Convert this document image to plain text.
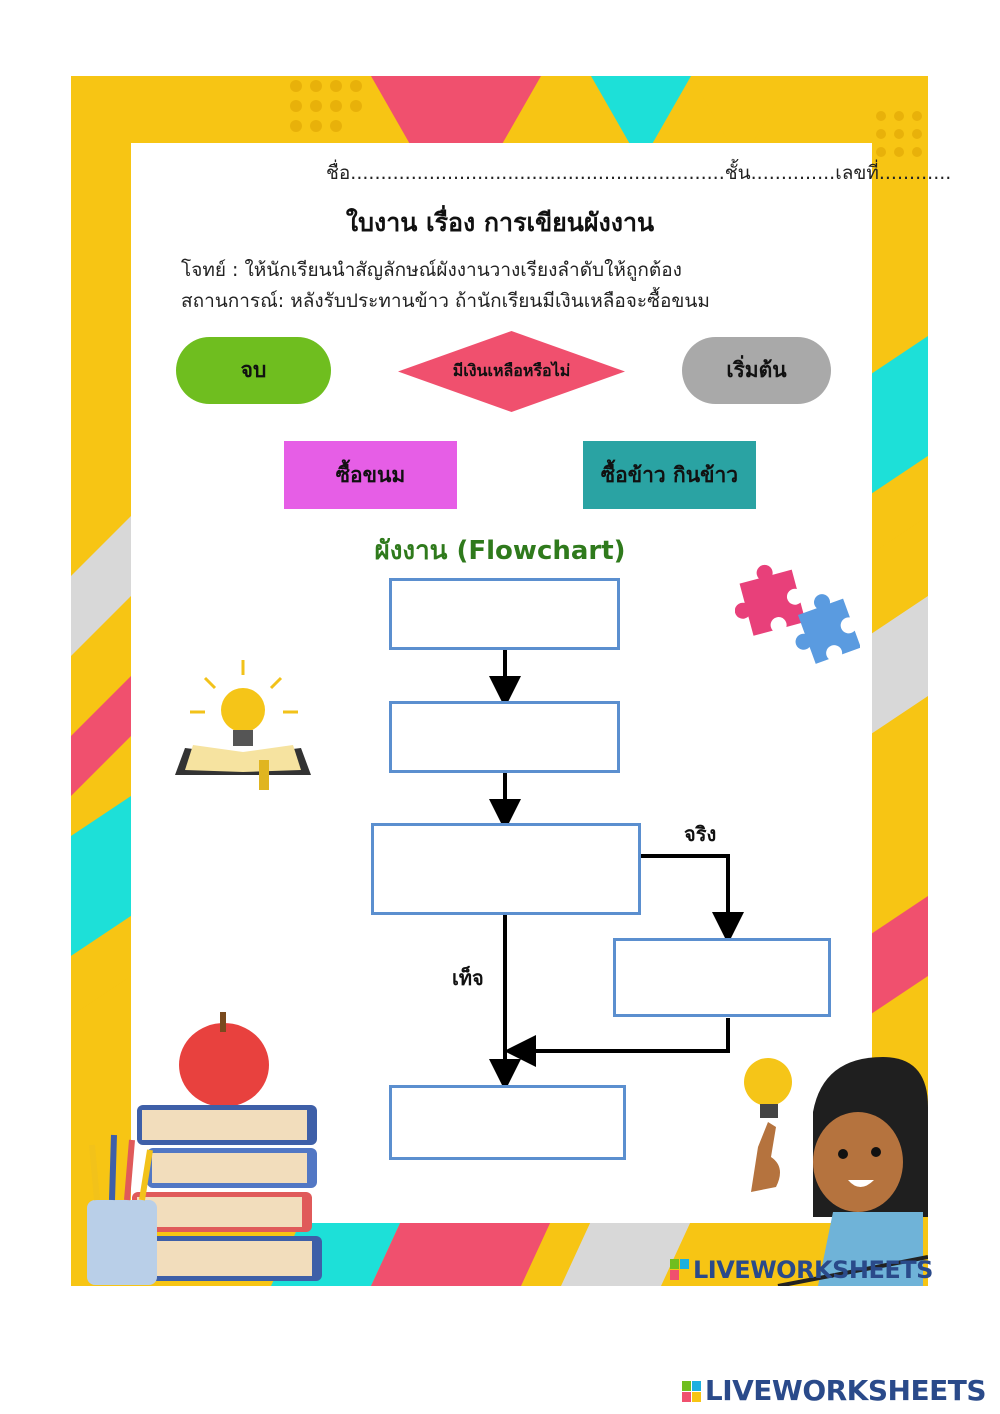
ชื่อ..............................................................ชั้น..............เลขที่............
ใบงาน เรื่อง การเขียนผังงาน
โจทย์ : ให้นักเรียนนำสัญลักษณ์ผังงานวางเรียงลำดับให้ถูกต้อง
สถานการณ์: หลังรับประทานข้าว ถ้านักเรียนมีเงินเหลือจะซื้อขนม
จบ	มีเงินเหลือหรือไม่	เริ่มต้น
ซื้อขนม	ซื้อข้าว กินข้าว
ผังงาน (Flowchart)
จริง
เท็จ
LIVEWORKSHEETS
LIVEWORKSHEETS
